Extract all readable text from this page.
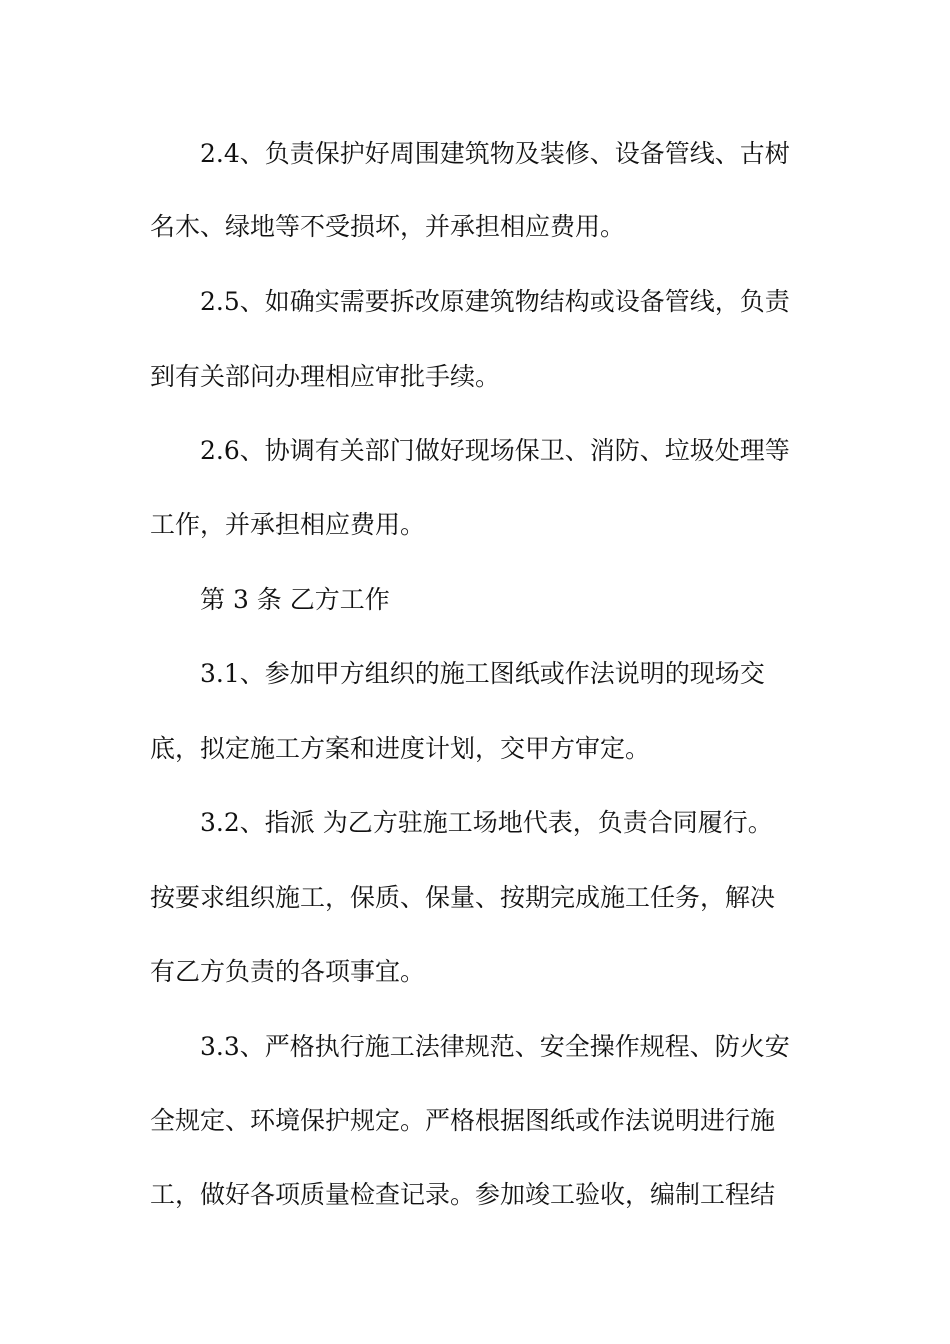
2.4、负责保护好周围建筑物及装修、设备管线、古树
名木、绿地等不受损坏，并承担相应费用。
2.5、如确实需要拆改原建筑物结构或设备管线，负责
到有关部问办理相应审批手续。
2.6、协调有关部门做好现场保卫、消防、垃圾处理等
工作，并承担相应费用。
第 3 条 乙方工作
3.1、参加甲方组织的施工图纸或作法说明的现场交
底，拟定施工方案和进度计划，交甲方审定。
3.2、指派 为乙方驻施工场地代表，负责合同履行。
按要求组织施工，保质、保量、按期完成施工任务，解决
有乙方负责的各项事宜。
3.3、严格执行施工法律规范、安全操作规程、防火安
全规定、环境保护规定。严格根据图纸或作法说明进行施
工，做好各项质量检查记录。参加竣工验收，编制工程结
